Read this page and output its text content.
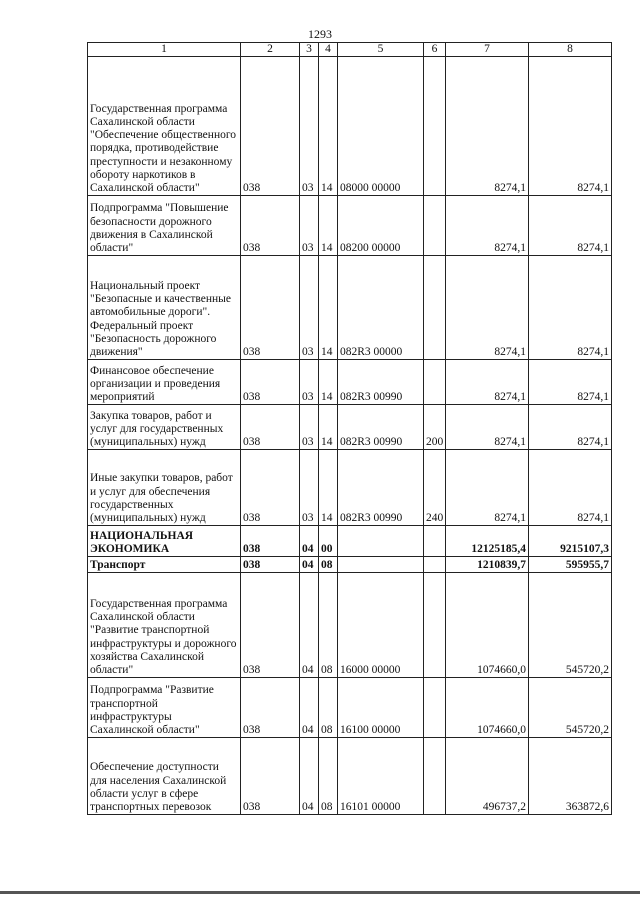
1293
1	2	3	4	5	6	7	8
Государственная программа Сахалинской области "Обеспечение общественного порядка, противодействие преступности и незаконному обороту наркотиков в Сахалинской области"	038	03	14	08000 00000		8274,1	8274,1
Подпрограмма "Повышение безопасности дорожного движения в Сахалинской области"	038	03	14	08200 00000		8274,1	8274,1
Национальный проект "Безопасные и качественные автомобильные дороги". Федеральный проект "Безопасность дорожного движения"	038	03	14	082R3 00000		8274,1	8274,1
Финансовое обеспечение организации и проведения мероприятий	038	03	14	082R3 00990		8274,1	8274,1
Закупка товаров, работ и услуг для государственных (муниципальных) нужд	038	03	14	082R3 00990	200	8274,1	8274,1
Иные закупки товаров, работ и услуг для обеспечения государственных (муниципальных) нужд	038	03	14	082R3 00990	240	8274,1	8274,1
НАЦИОНАЛЬНАЯ ЭКОНОМИКА	038	04	00			12125185,4	9215107,3
Транспорт	038	04	08			1210839,7	595955,7
Государственная программа Сахалинской области "Развитие транспортной инфраструктуры и дорожного хозяйства Сахалинской области"	038	04	08	16000 00000		1074660,0	545720,2
Подпрограмма "Развитие транспортной инфраструктуры Сахалинской области"	038	04	08	16100 00000		1074660,0	545720,2
Обеспечение доступности для населения Сахалинской области услуг в сфере транспортных перевозок	038	04	08	16101 00000		496737,2	363872,6
